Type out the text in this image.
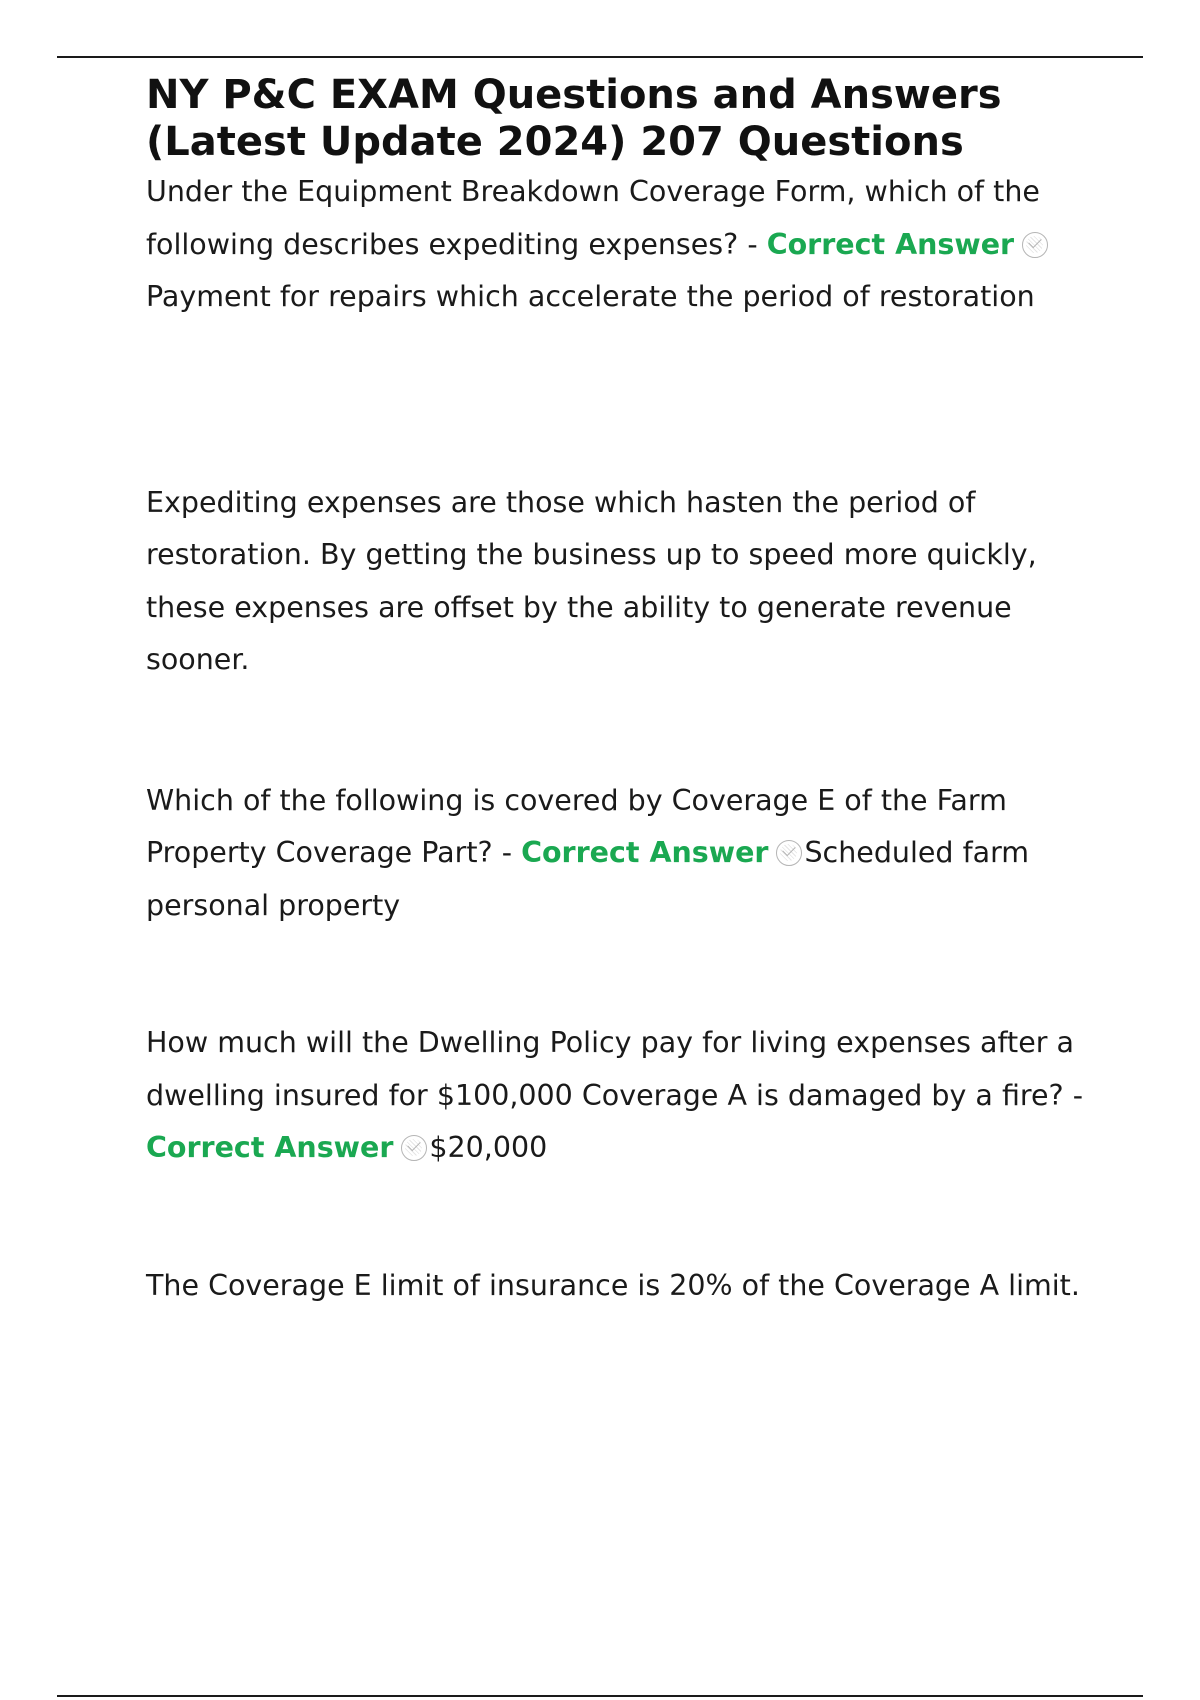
NY P&C EXAM Questions and Answers
(Latest Update 2024) 207 Questions

Under the Equipment Breakdown Coverage Form, which of the following describes expediting expenses? - Correct AnswerPayment for repairs which accelerate the period of restoration

Expediting expenses are those which hasten the period of restoration. By getting the business up to speed more quickly, these expenses are offset by the ability to generate revenue sooner.

Which of the following is covered by Coverage E of the Farm Property Coverage Part? - Correct Answer Scheduled farm personal property

How much will the Dwelling Policy pay for living expenses after a dwelling insured for $100,000 Coverage A is damaged by a fire? - Correct Answer $20,000

The Coverage E limit of insurance is 20% of the Coverage A limit.
